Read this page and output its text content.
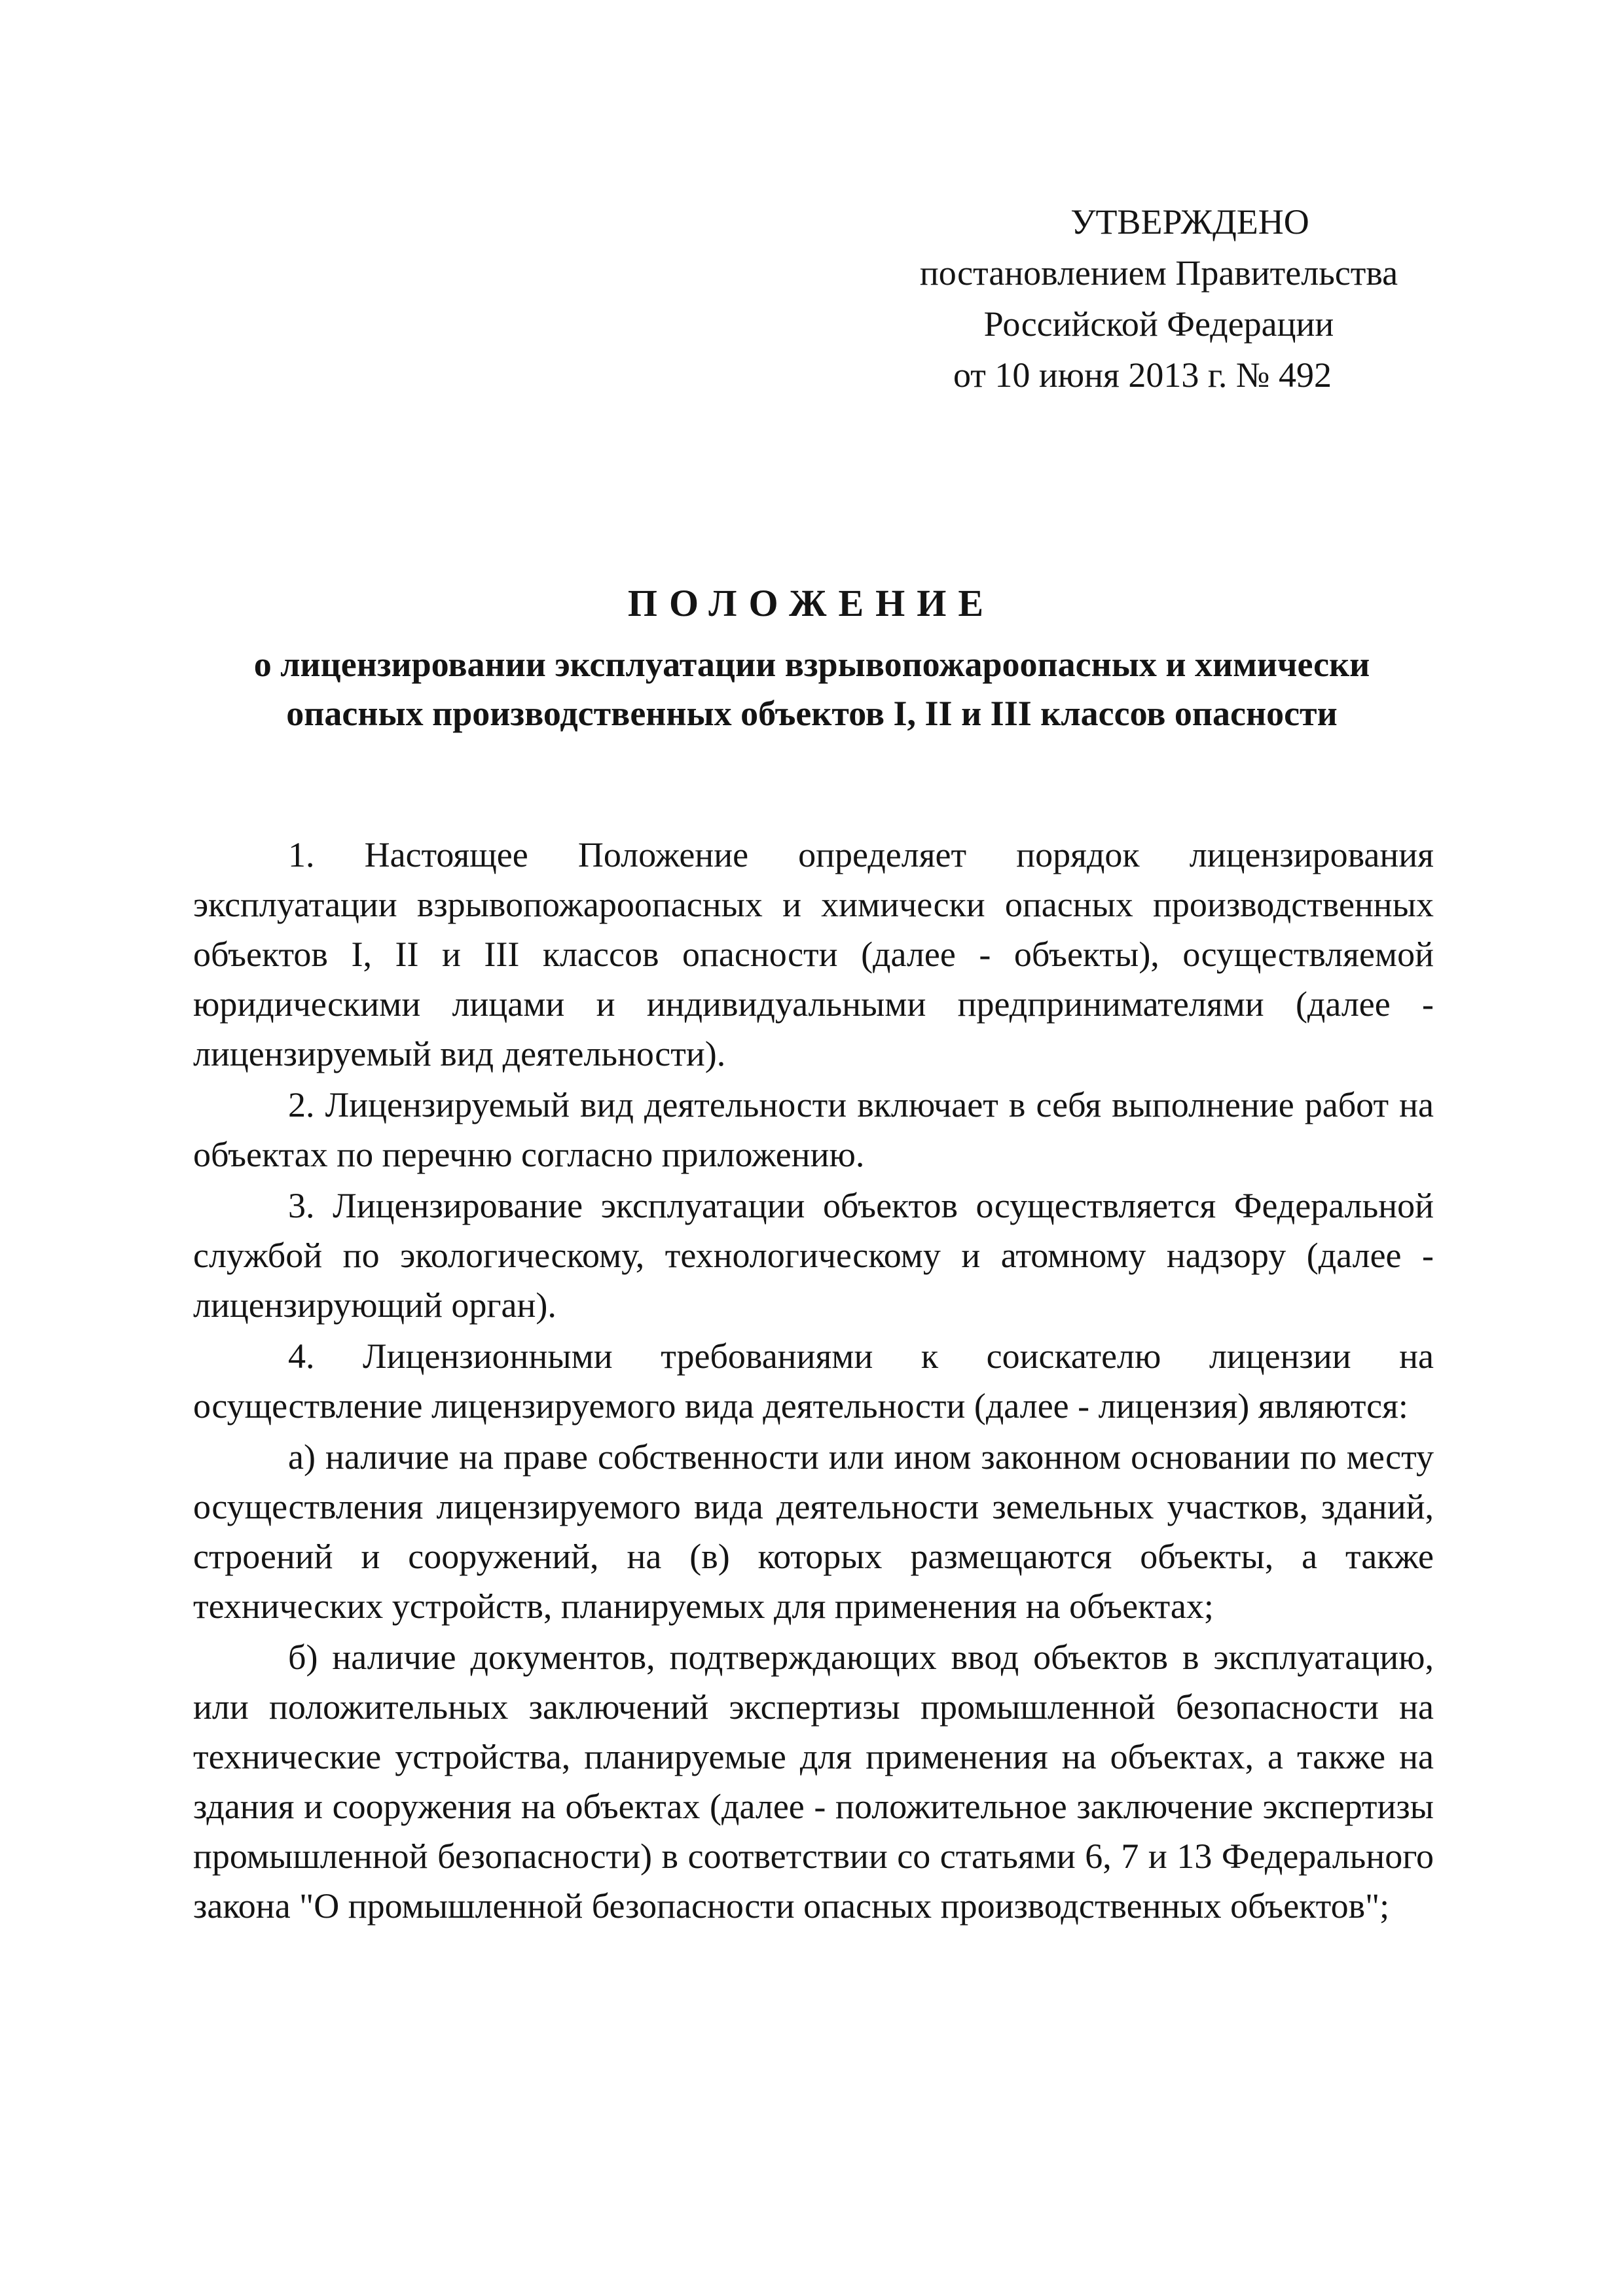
УТВЕРЖДЕНО
постановлением Правительства
Российской Федерации
от 10 июня 2013 г. № 492
ПОЛОЖЕНИЕ
о лицензировании эксплуатации взрывопожароопасных и химически
опасных производственных объектов I, II и III классов опасности

1. Настоящее Положение определяет порядок лицензирования эксплуатации взрывопожароопасных и химически опасных производственных объектов I, II и III классов опасности (далее - объекты), осуществляемой юридическими лицами и индивидуальными предпринимателями (далее - лицензируемый вид деятельности).

2. Лицензируемый вид деятельности включает в себя выполнение работ на объектах по перечню согласно приложению.

3. Лицензирование эксплуатации объектов осуществляется Федеральной службой по экологическому, технологическому и атомному надзору (далее - лицензирующий орган).

4. Лицензионными требованиями к соискателю лицензии на осуществление лицензируемого вида деятельности (далее - лицензия) являются:

а) наличие на праве собственности или ином законном основании по месту осуществления лицензируемого вида деятельности земельных участков, зданий, строений и сооружений, на (в) которых размещаются объекты, а также технических устройств, планируемых для применения на объектах;

б) наличие документов, подтверждающих ввод объектов в эксплуатацию, или положительных заключений экспертизы промышленной безопасности на технические устройства, планируемые для применения на объектах, а также на здания и сооружения на объектах (далее - положительное заключение экспертизы промышленной безопасности) в соответствии со статьями 6, 7 и 13 Федерального закона "О промышленной безопасности опасных производственных объектов";
